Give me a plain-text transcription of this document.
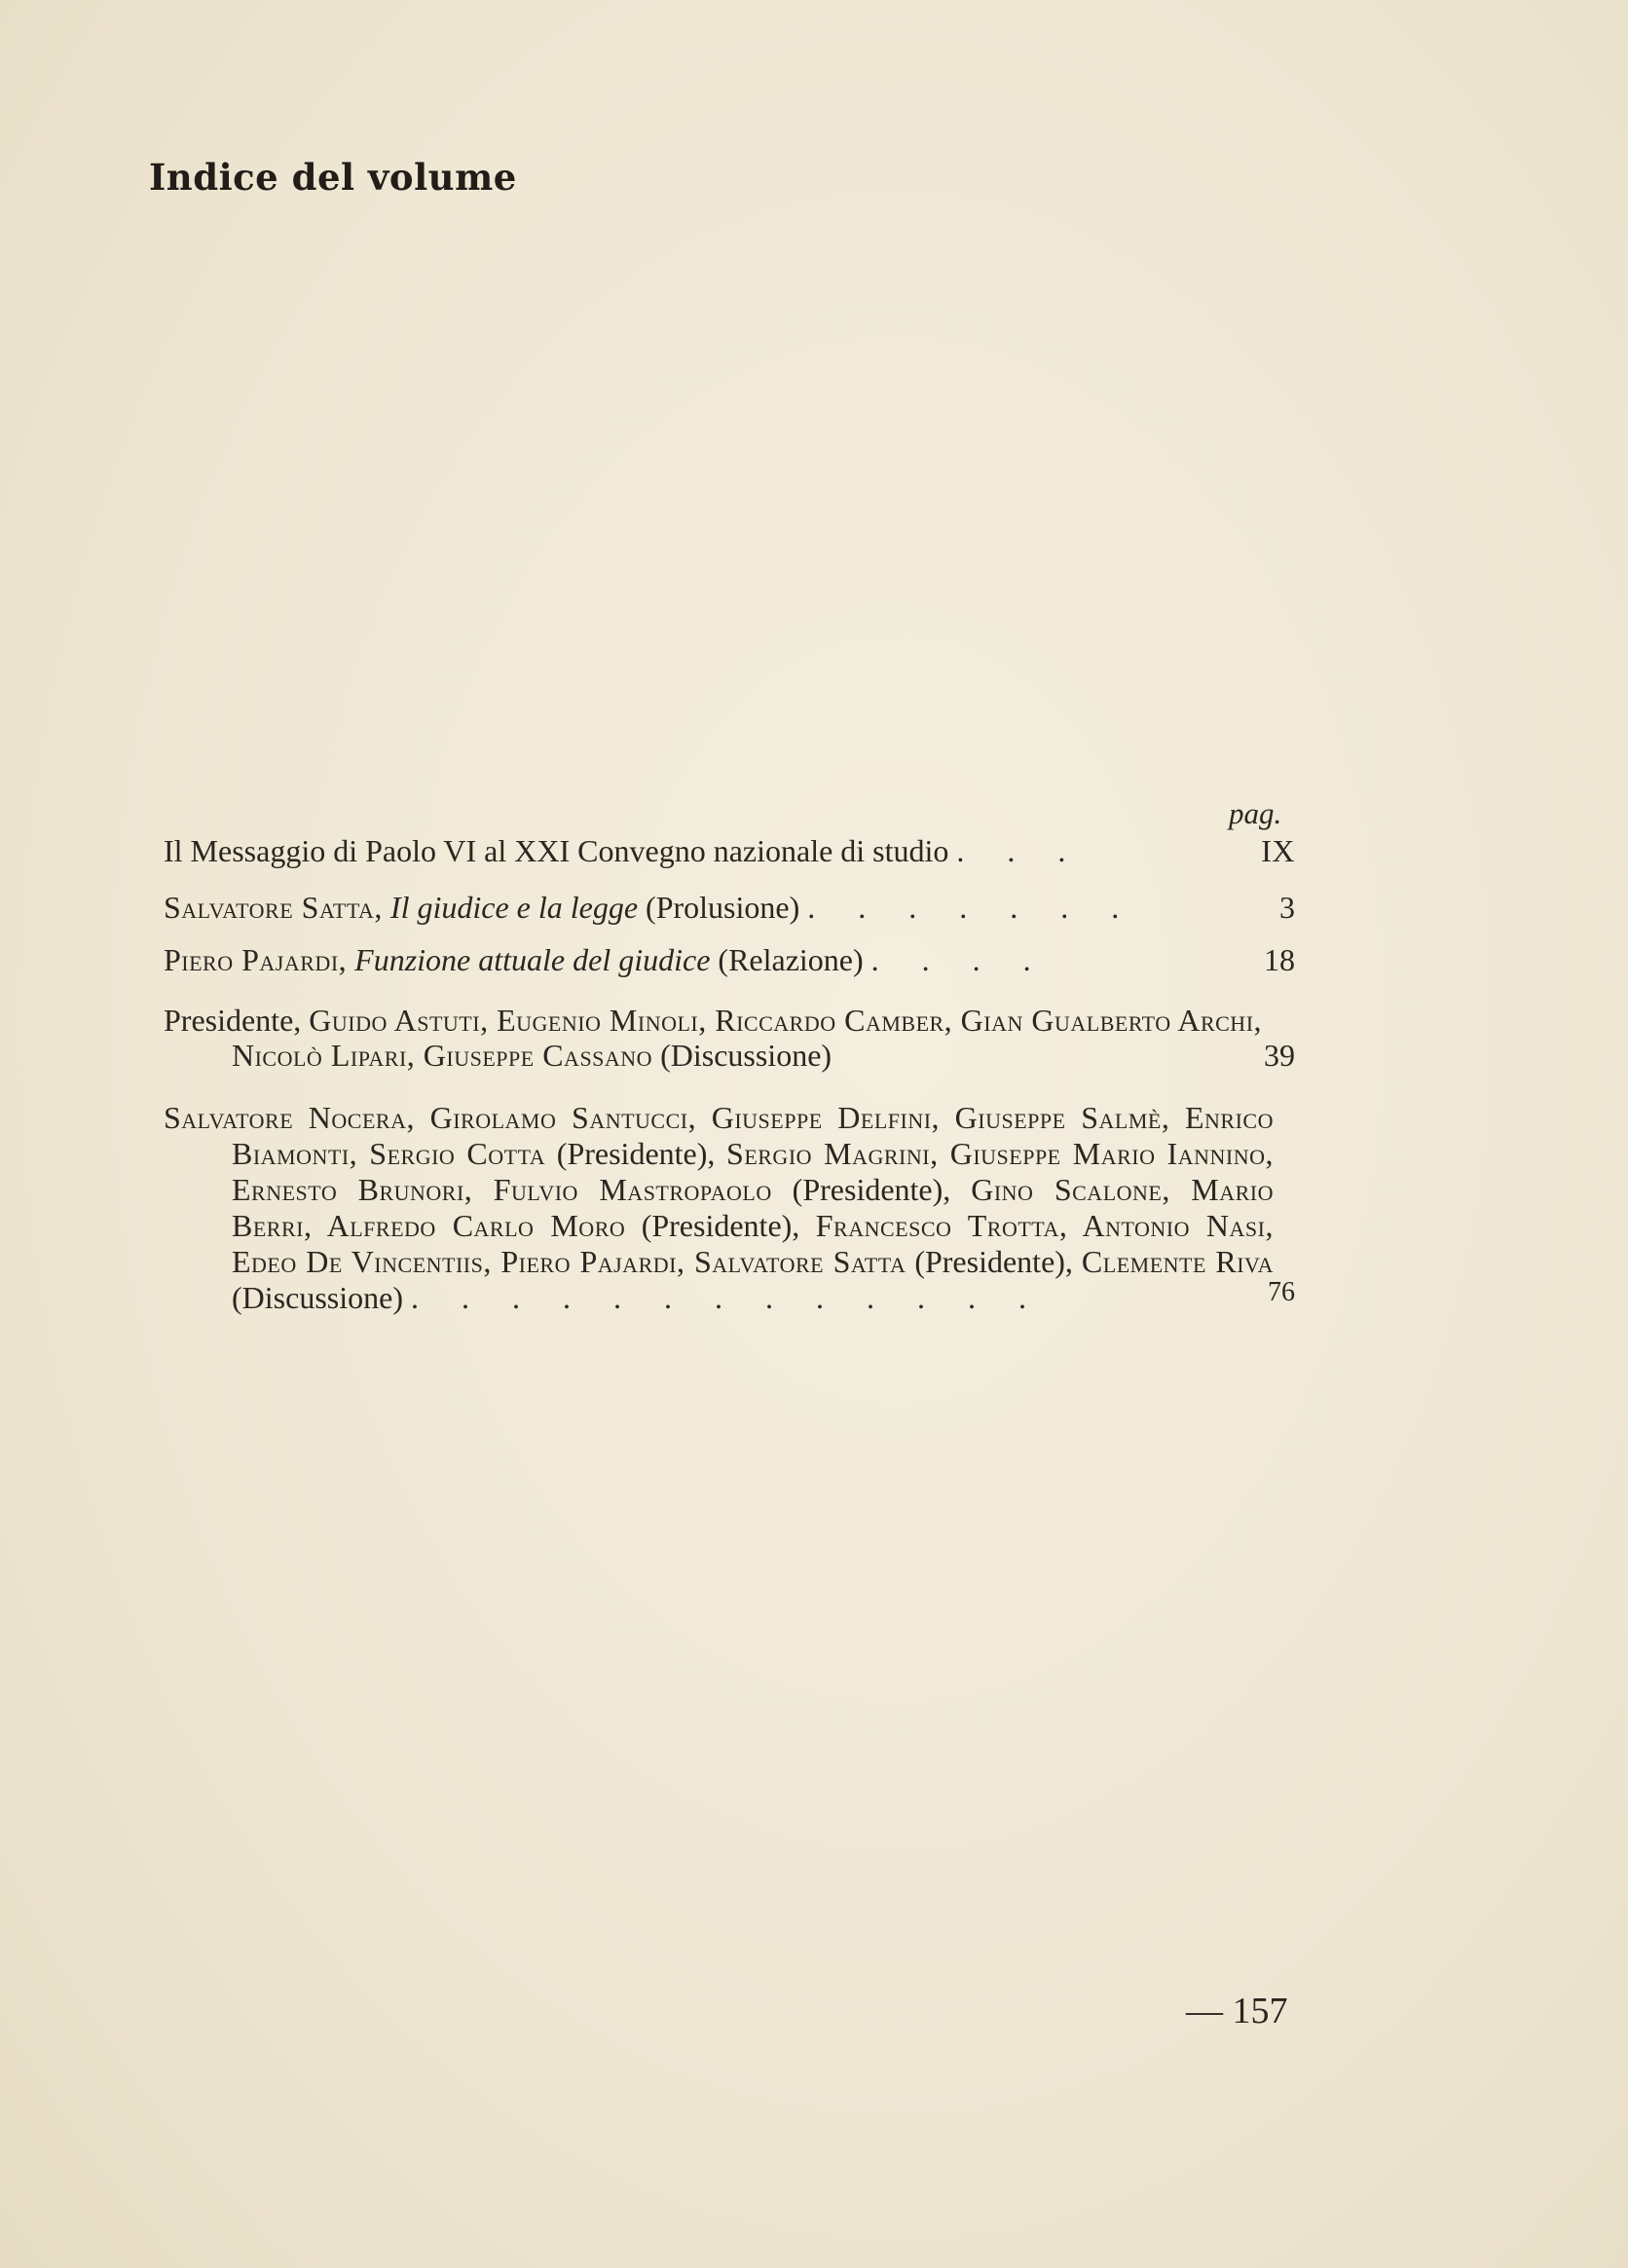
Indice del volume
pag.
Il Messaggio di Paolo VI al XXI Convegno nazionale di studio . . .	IX
Salvatore Satta, Il giudice e la legge (Prolusione) . . . . . . .	3
Piero Pajardi, Funzione attuale del giudice (Relazione) . . . .	18
Presidente, Guido Astuti, Eugenio Minoli, Riccardo Camber, Gian Gualberto Archi, Nicolò Lipari, Giuseppe Cassano (Discussione)	39
Salvatore Nocera, Girolamo Santucci, Giuseppe Delfini, Giuseppe Salmè, Enrico Biamonti, Sergio Cotta (Presidente), Sergio Magrini, Giuseppe Mario Iannino, Ernesto Brunori, Fulvio Mastropaolo (Presidente), Gino Scalone, Mario Berri, Alfredo Carlo Moro (Presidente), Francesco Trotta, Antonio Nasi, Edeo De Vincentiis, Piero Pajardi, Salvatore Satta (Presidente), Clemente Riva (Discussione) . . . . . . . . . . . . .	76
— 157
